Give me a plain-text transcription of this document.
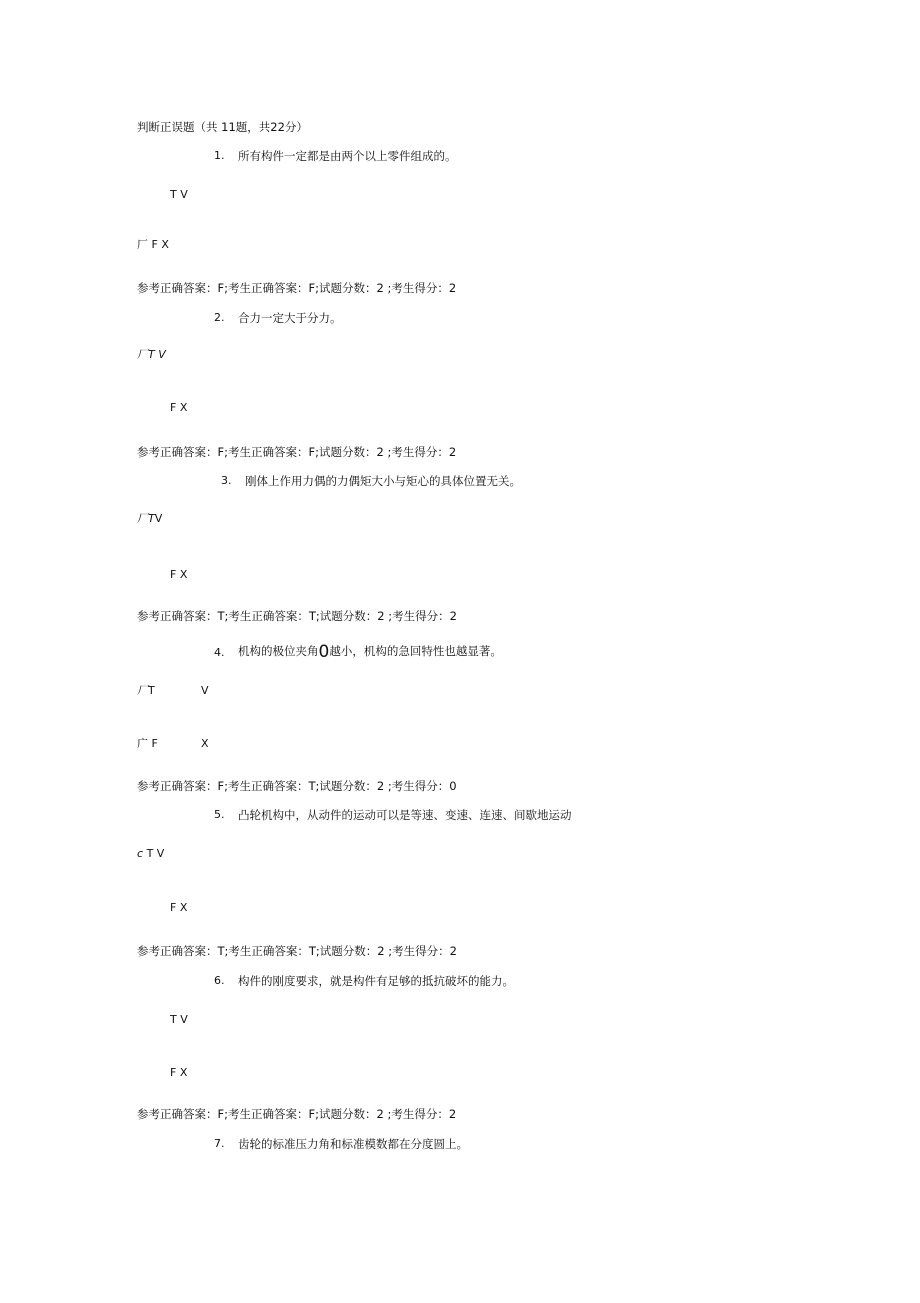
判断正误题（共 11题，共22分）
1. 所有构件一定都是由两个以上零件组成的。
T V
厂 F X
参考正确答案：F;考生正确答案：F;试题分数：2 ;考生得分：2
2. 合力一定大于分力。
厂T V
F X
参考正确答案：F;考生正确答案：F;试题分数：2 ;考生得分：2
3. 刚体上作用力偶的力偶矩大小与矩心的具体位置无关。
厂TV
F X
参考正确答案：T;考生正确答案：T;试题分数：2 ;考生得分：2
4. 机构的极位夹角0越小，机构的急回特性也越显著。
厂T	V
广 F	X
参考正确答案：F;考生正确答案：T;试题分数：2 ;考生得分：0
5. 凸轮机构中，从动件的运动可以是等速、变速、连速、间歇地运动
c T V
F X
参考正确答案：T;考生正确答案：T;试题分数：2 ;考生得分：2
6. 构件的刚度要求，就是构件有足够的抵抗破坏的能力。
T V
F X
参考正确答案：F;考生正确答案：F;试题分数：2 ;考生得分：2
7. 齿轮的标准压力角和标准模数都在分度圆上。
